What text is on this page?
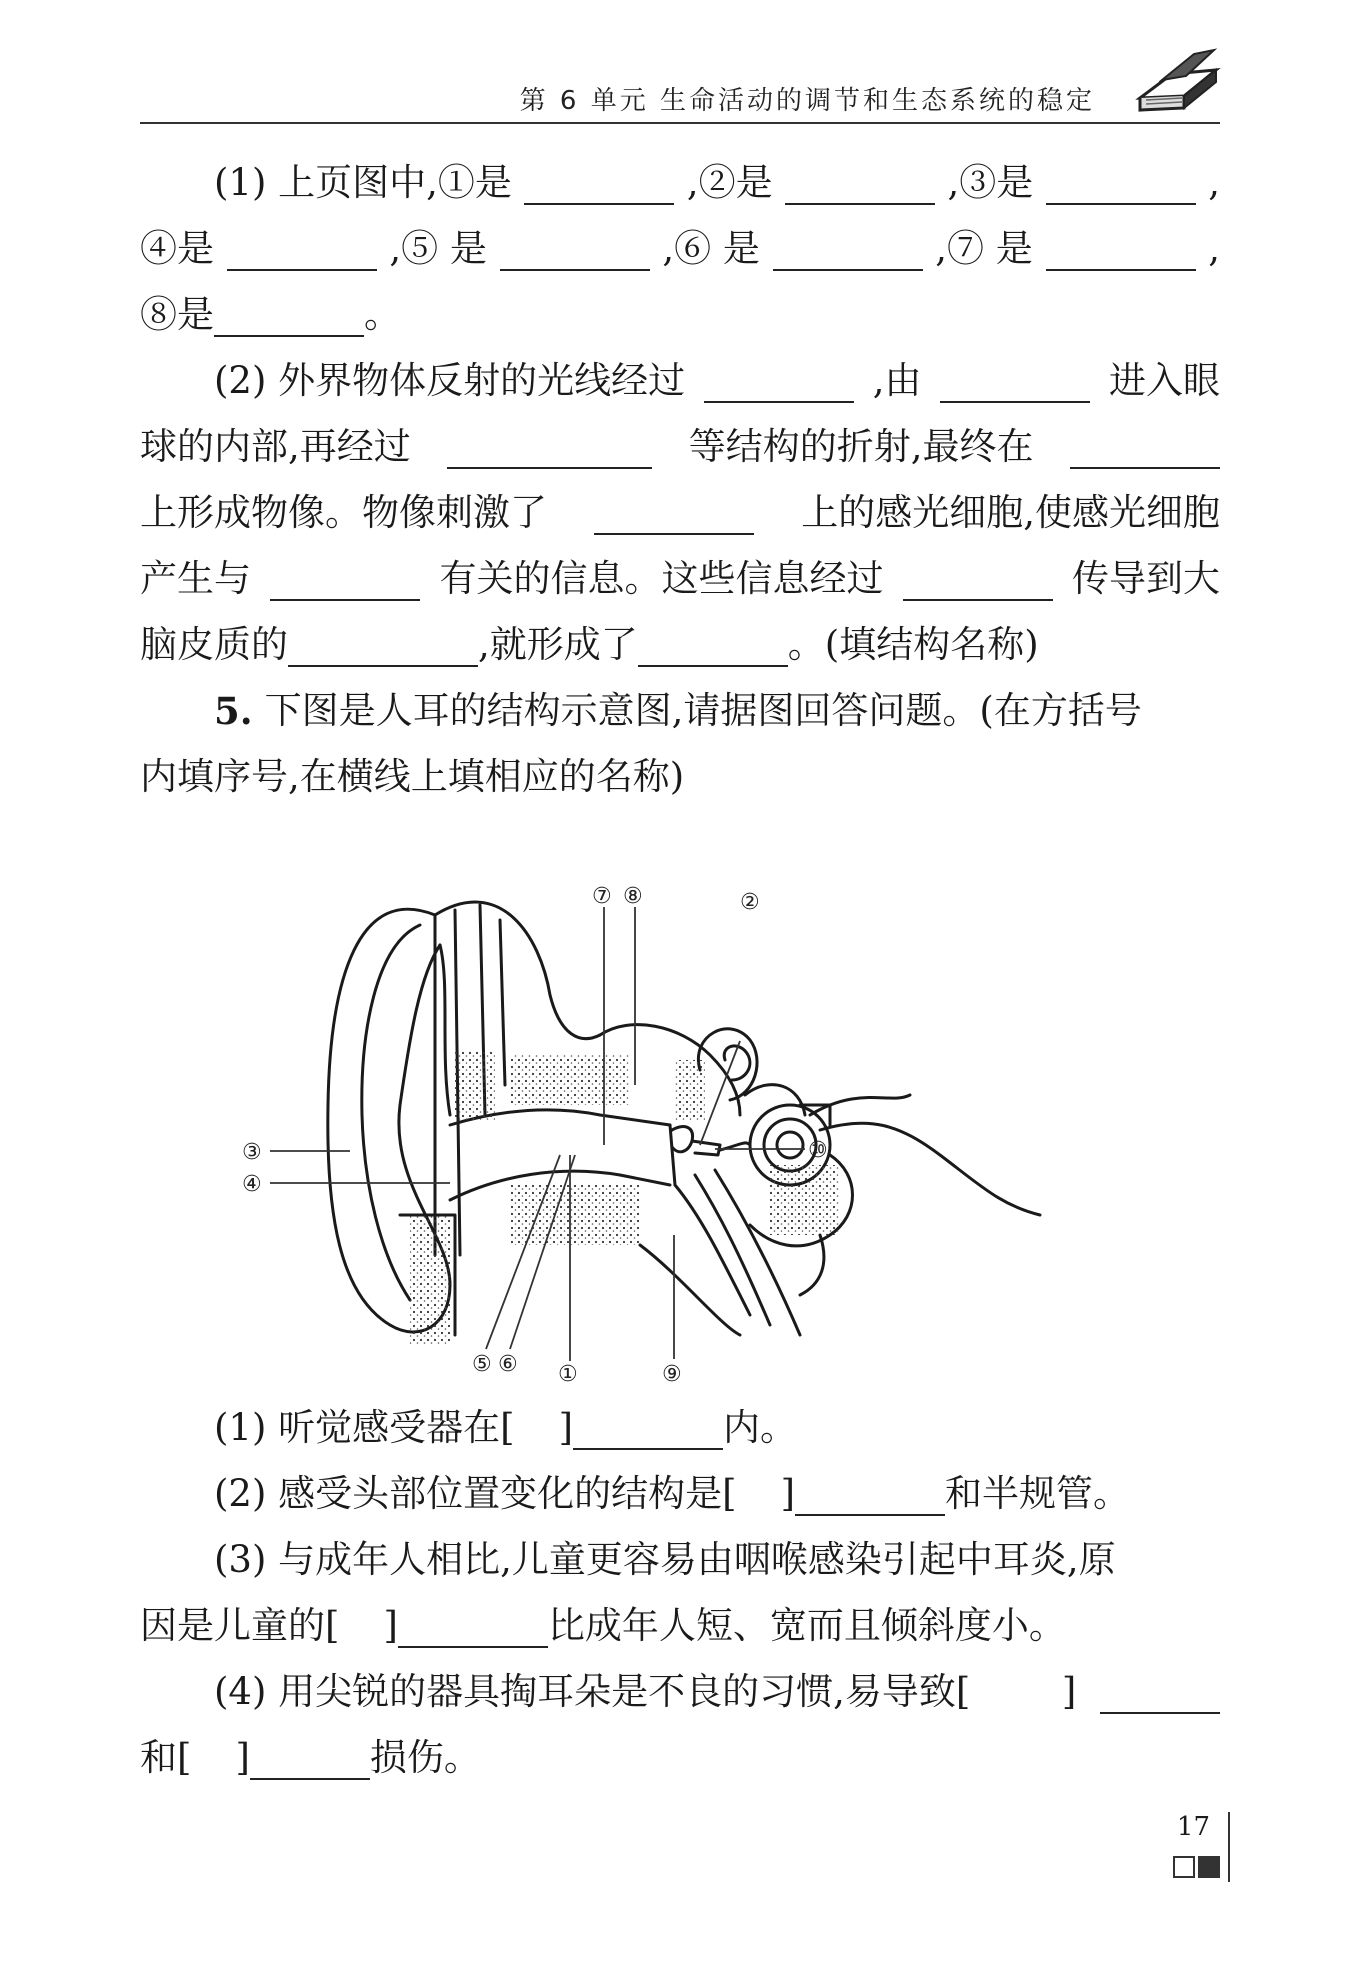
第 6 单元 生命活动的调节和生态系统的稳定
(1) 上页图中,①是	,②是	,③是	,
④是	,⑤ 是	,⑥ 是	,⑦ 是	,
⑧是	。
(2) 外界物体反射的光线经过	,由	进入眼
球的内部,再经过	等结构的折射,最终在
上形成物像。物像刺激了	上的感光细胞,使感光细胞
产生与	有关的信息。这些信息经过	传导到大
脑皮质的	,就形成了	。(填结构名称)
5. 下图是人耳的结构示意图,请据图回答问题。(在方括号
内填序号,在横线上填相应的名称)
③
④
⑦ ⑧	②
⑩
⑤ ⑥ ①	⑨
(1) 听觉感受器在[ ]	内。
(2) 感受头部位置变化的结构是[ ]	和半规管。
(3) 与成年人相比,儿童更容易由咽喉感染引起中耳炎,原
因是儿童的[ ]	比成年人短、宽而且倾斜度小。
(4) 用尖锐的器具掏耳朵是不良的习惯,易导致[ ]
和[ ]	损伤。
17
